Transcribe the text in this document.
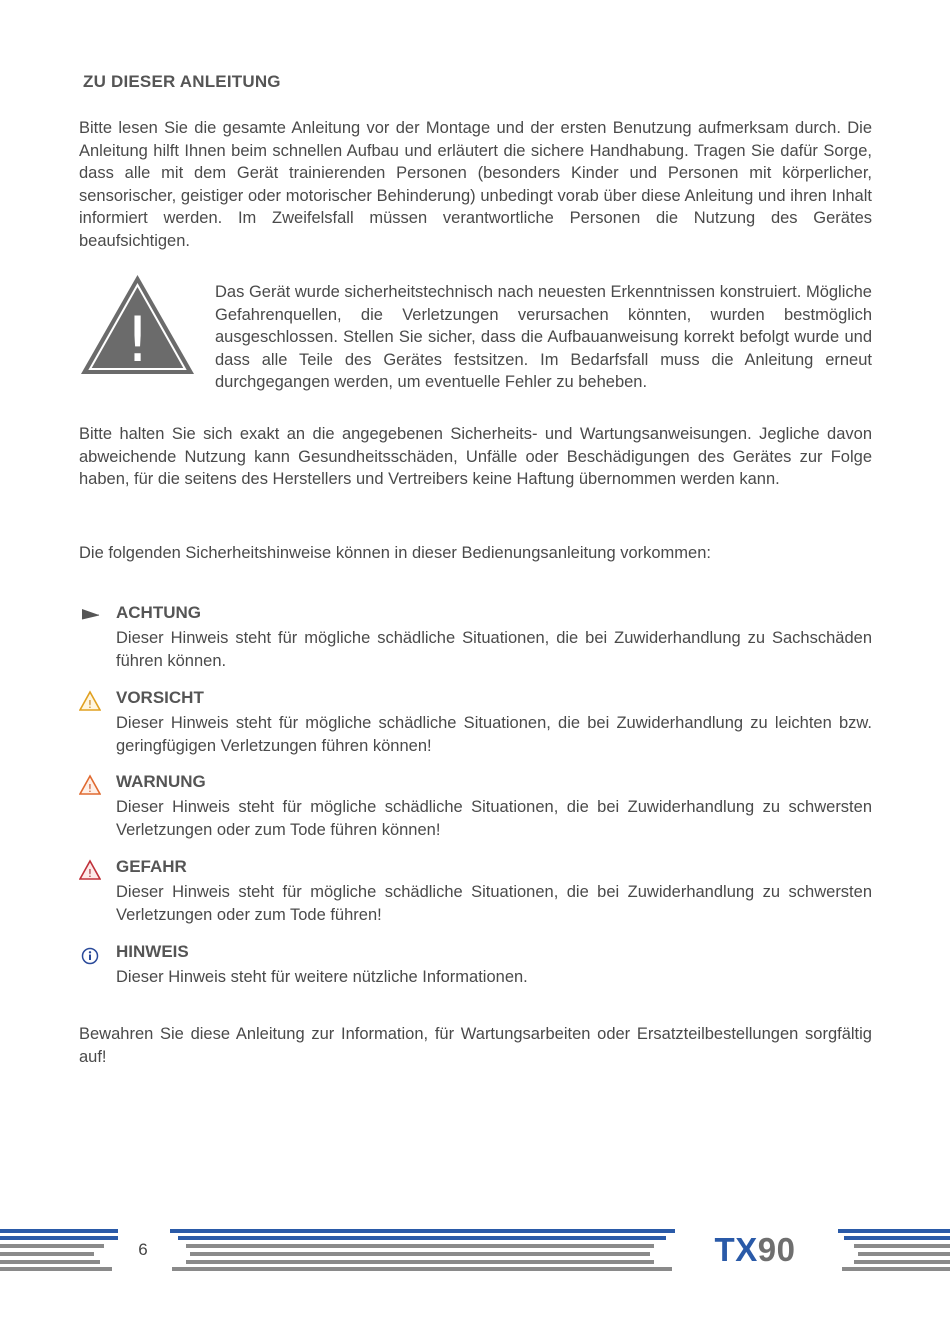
ZU DIESER ANLEITUNG
Bitte lesen Sie die gesamte Anleitung vor der Montage und der ersten Benutzung aufmerksam durch. Die Anleitung hilft Ihnen beim schnellen Aufbau und erläutert die sichere Handhabung. Tragen Sie dafür Sorge, dass alle mit dem Gerät trainierenden Personen (besonders Kinder und Personen mit körperlicher, sensorischer, geistiger oder motorischer Behinderung) unbedingt vorab über diese Anleitung und ihren Inhalt informiert werden. Im Zweifelsfall müssen verantwortliche Personen die Nutzung des Gerätes beaufsichtigen.
!
Das Gerät wurde sicherheitstechnisch nach neuesten Erkenntnissen konstruiert. Mögliche Gefahrenquellen, die Verletzungen verursachen könnten, wurden bestmöglich ausgeschlossen. Stellen Sie sicher, dass die Aufbauanweisung korrekt befolgt wurde und dass alle Teile des Gerätes festsitzen. Im Bedarfsfall muss die Anleitung erneut durchgegangen werden, um eventuelle Fehler zu beheben.
Bitte halten Sie sich exakt an die angegebenen Sicherheits- und Wartungsanweisungen. Jegliche davon abweichende Nutzung kann Gesundheitsschäden, Unfälle oder Beschädigungen des Gerätes zur Folge haben, für die seitens des Herstellers und Vertreibers keine Haftung übernommen werden kann.
Die folgenden Sicherheitshinweise können in dieser Bedienungsanleitung vorkommen:
ACHTUNG
Dieser Hinweis steht für mögliche schädliche Situationen, die bei Zuwiderhandlung zu Sachschäden führen können.
! VORSICHT
Dieser Hinweis steht für mögliche schädliche Situationen, die bei Zuwiderhandlung zu leichten bzw. geringfügigen Verletzungen führen können!
! WARNUNG
Dieser Hinweis steht für mögliche schädliche Situationen, die bei Zuwiderhandlung zu schwersten Verletzungen oder zum Tode führen können!
! GEFAHR
Dieser Hinweis steht für mögliche schädliche Situationen, die bei Zuwiderhandlung zu schwersten Verletzungen oder zum Tode führen!
HINWEIS
Dieser Hinweis steht für weitere nützliche Informationen.
Bewahren Sie diese Anleitung zur Information, für Wartungsarbeiten oder Ersatzteilbestellungen sorgfältig auf!
6	TX90
